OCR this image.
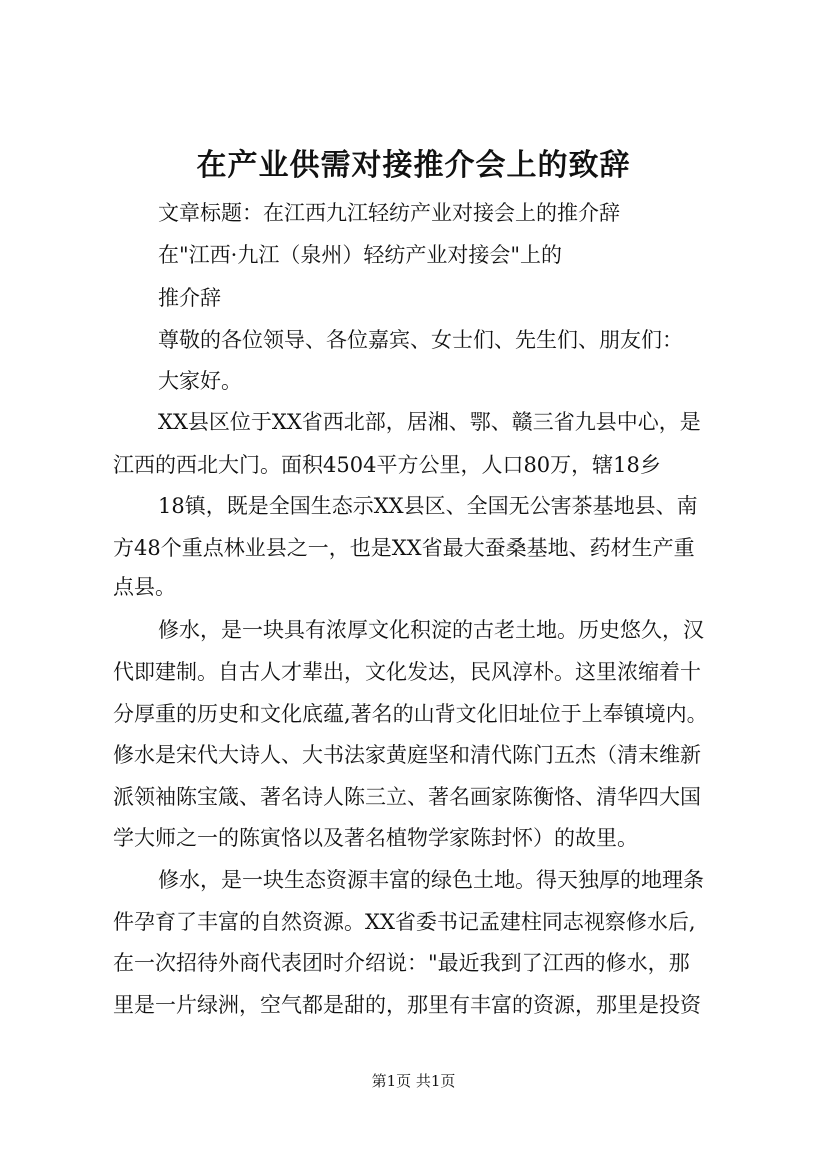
在产业供需对接推介会上的致辞
文章标题：在江西九江轻纺产业对接会上的推介辞
在"江西·九江（泉州）轻纺产业对接会"上的
推介辞
尊敬的各位领导、各位嘉宾、女士们、先生们、朋友们：
大家好。
XX县区位于XX省西北部，居湘、鄂、赣三省九县中心，是
江西的西北大门。面积4504平方公里，人口80万，辖18乡
18镇，既是全国生态示XX县区、全国无公害茶基地县、南
方48个重点林业县之一，也是XX省最大蚕桑基地、药材生产重
点县。
修水，是一块具有浓厚文化积淀的古老土地。历史悠久，汉
代即建制。自古人才辈出，文化发达，民风淳朴。这里浓缩着十
分厚重的历史和文化底蕴,著名的山背文化旧址位于上奉镇境内。
修水是宋代大诗人、大书法家黄庭坚和清代陈门五杰（清末维新
派领袖陈宝箴、著名诗人陈三立、著名画家陈衡恪、清华四大国
学大师之一的陈寅恪以及著名植物学家陈封怀）的故里。
修水，是一块生态资源丰富的绿色土地。得天独厚的地理条
件孕育了丰富的自然资源。XX省委书记孟建柱同志视察修水后,
在一次招待外商代表团时介绍说："最近我到了江西的修水，那
里是一片绿洲，空气都是甜的，那里有丰富的资源，那里是投资
第1页 共1页
